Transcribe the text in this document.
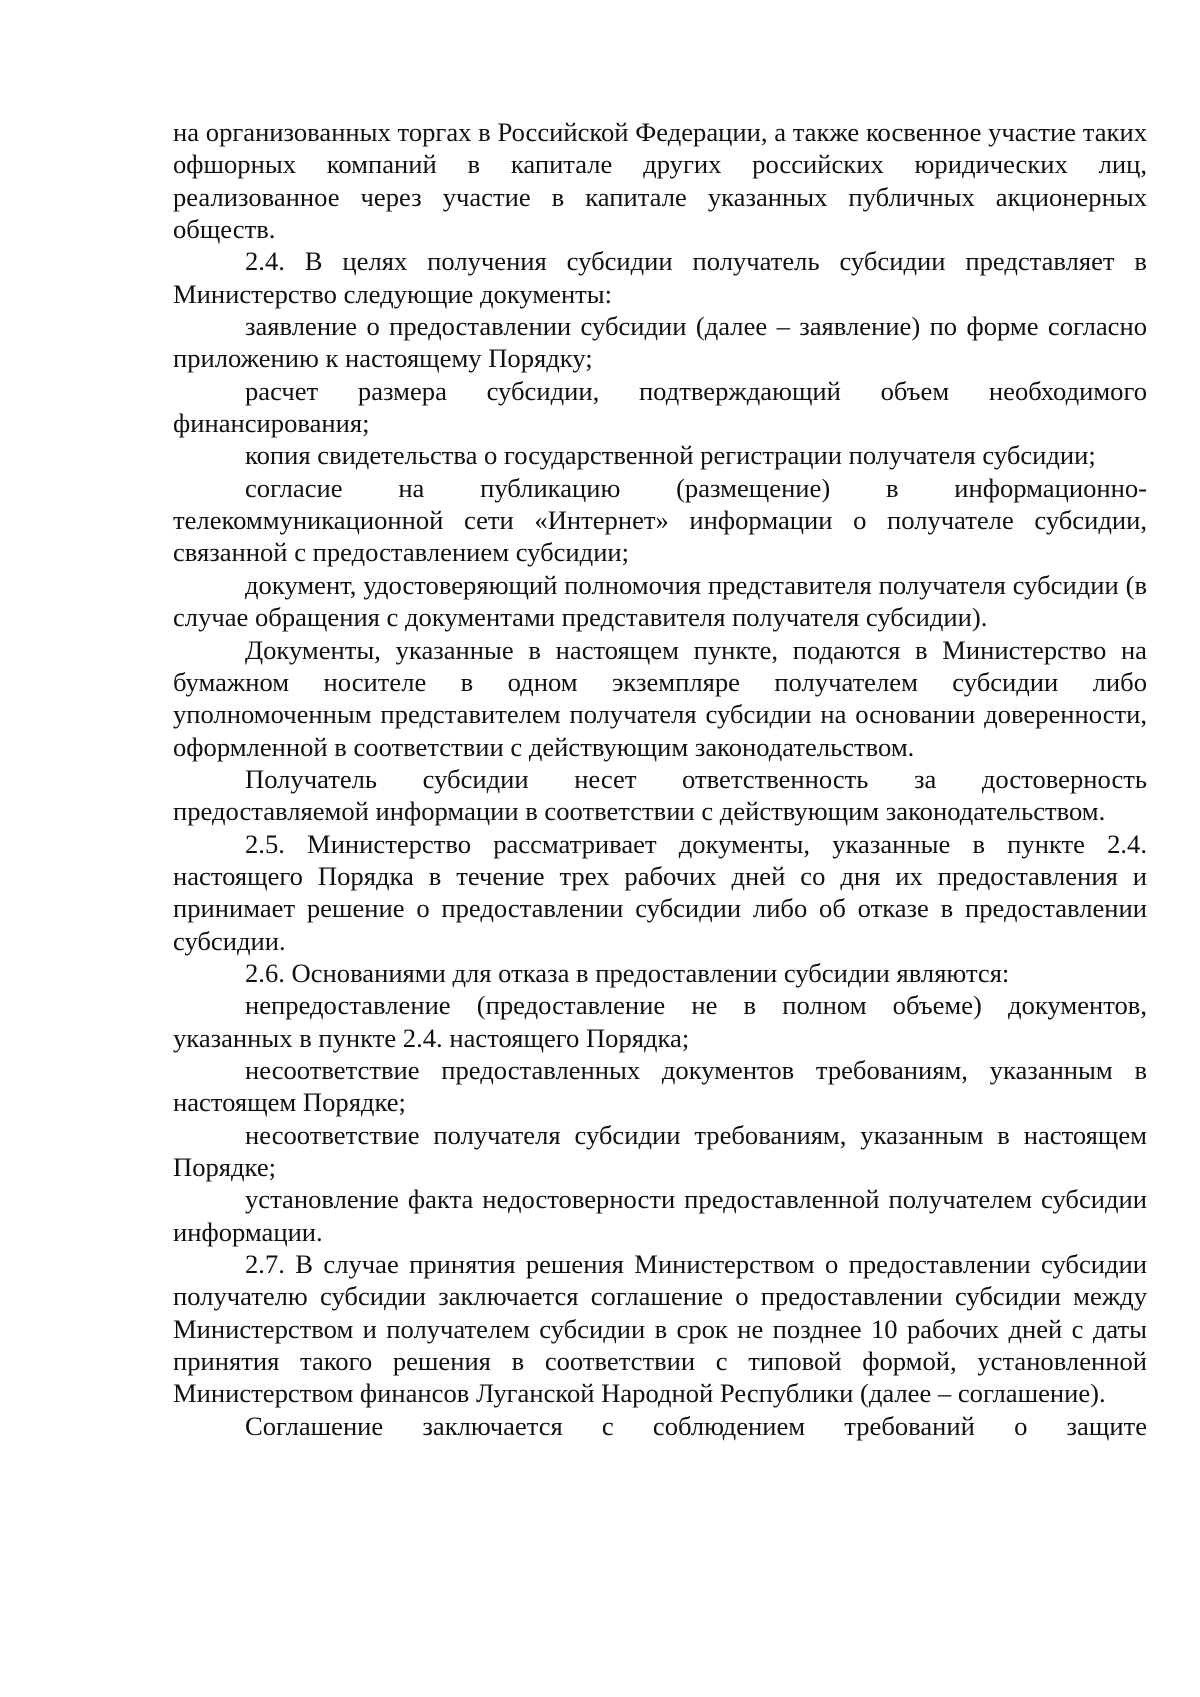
на организованных торгах в Российской Федерации, а также косвенное участие таких офшорных компаний в капитале других российских юридических лиц, реализованное через участие в капитале указанных публичных акционерных обществ.

2.4. В целях получения субсидии получатель субсидии представляет в Министерство следующие документы:

заявление о предоставлении субсидии (далее – заявление) по форме согласно приложению к настоящему Порядку;

расчет размера субсидии, подтверждающий объем необходимого финансирования;

копия свидетельства о государственной регистрации получателя субсидии;

согласие на публикацию (размещение) в информационно-телекоммуникационной сети «Интернет» информации о получателе субсидии, связанной с предоставлением субсидии;

документ, удостоверяющий полномочия представителя получателя субсидии (в случае обращения с документами представителя получателя субсидии).

Документы, указанные в настоящем пункте, подаются в Министерство на бумажном носителе в одном экземпляре получателем субсидии либо уполномоченным представителем получателя субсидии на основании доверенности, оформленной в соответствии с действующим законодательством.

Получатель субсидии несет ответственность за достоверность предоставляемой информации в соответствии с действующим законодательством.

2.5. Министерство рассматривает документы, указанные в пункте 2.4. настоящего Порядка в течение трех рабочих дней со дня их предоставления и принимает решение о предоставлении субсидии либо об отказе в предоставлении субсидии.

2.6. Основаниями для отказа в предоставлении субсидии являются:

непредоставление (предоставление не в полном объеме) документов, указанных в пункте 2.4. настоящего Порядка;

несоответствие предоставленных документов требованиям, указанным в настоящем Порядке;

несоответствие получателя субсидии требованиям, указанным в настоящем Порядке;

установление факта недостоверности предоставленной получателем субсидии информации.

2.7. В случае принятия решения Министерством о предоставлении субсидии получателю субсидии заключается соглашение о предоставлении субсидии между Министерством и получателем субсидии в срок не позднее 10 рабочих дней с даты принятия такого решения в соответствии с типовой формой, установленной Министерством финансов Луганской Народной Республики (далее – соглашение).

Соглашение заключается с соблюдением требований о защите
